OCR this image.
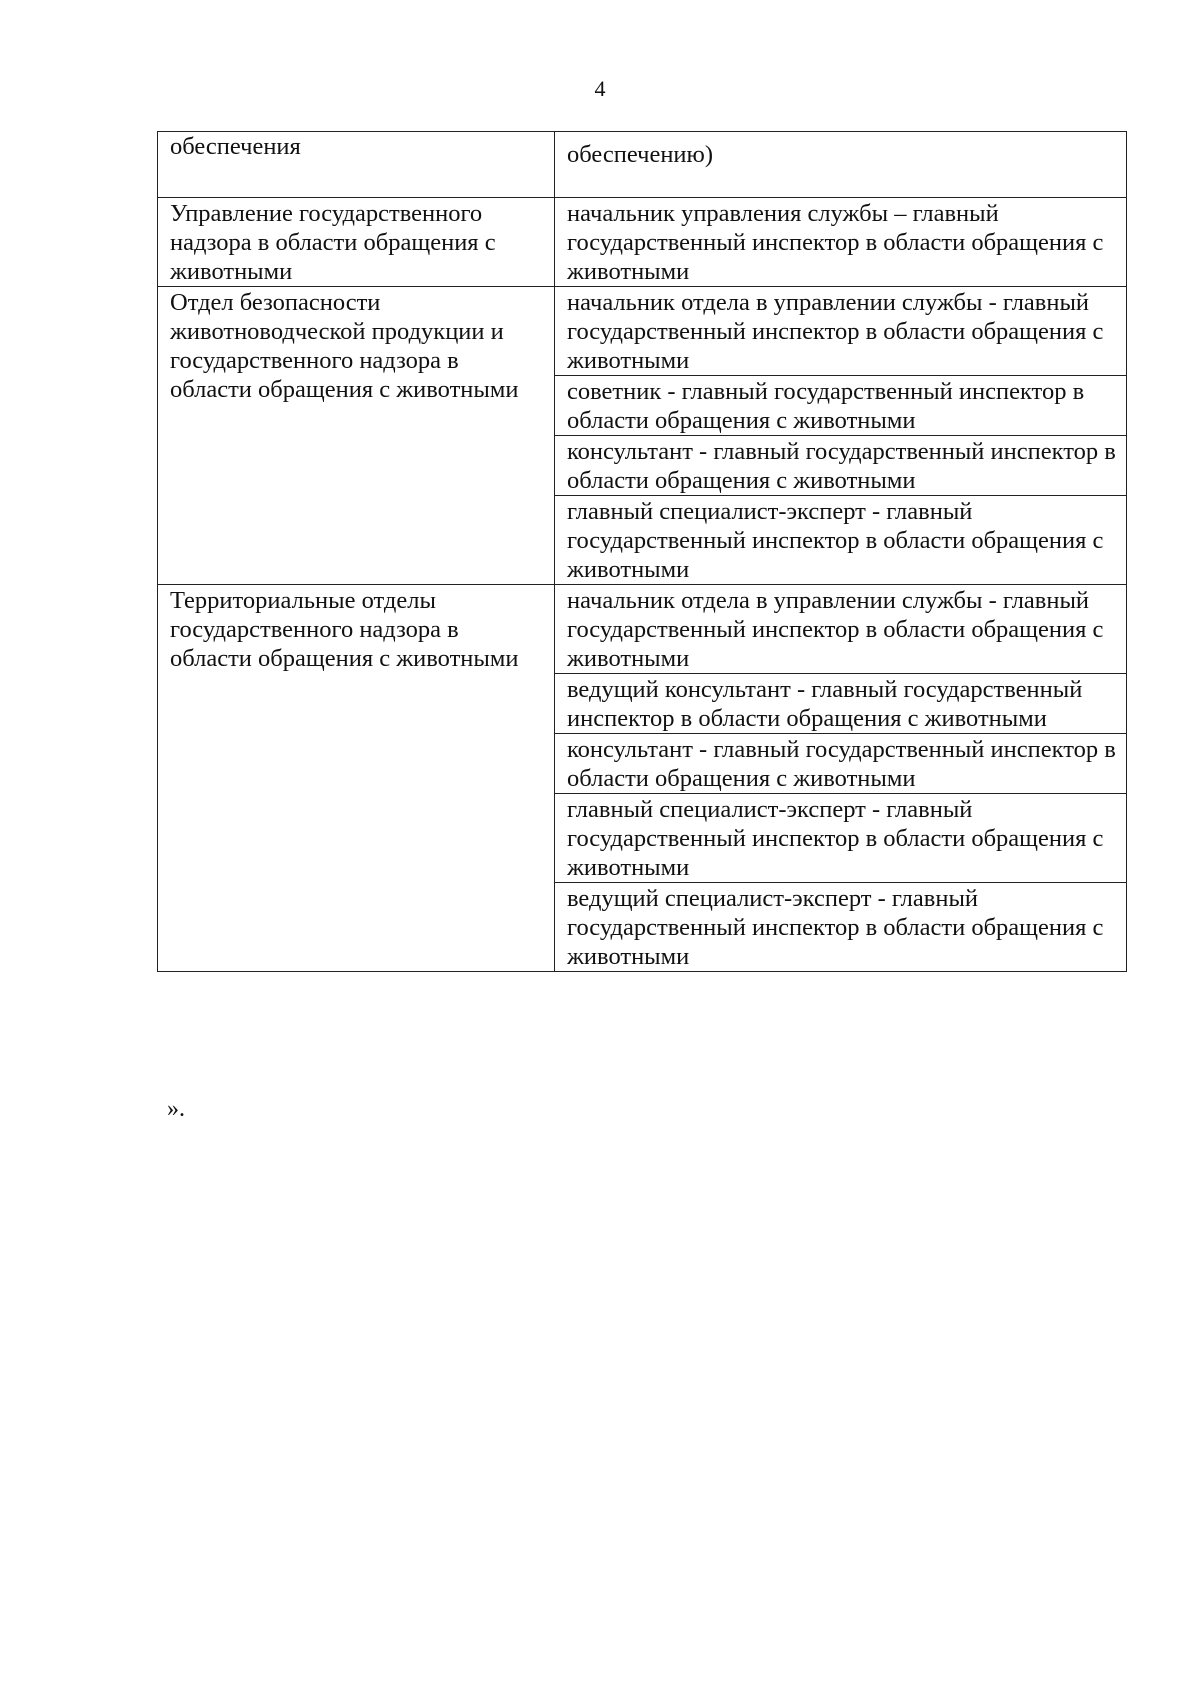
4
обеспечения	обеспечению)
Управление государственного надзора в области обращения с животными	начальник управления службы – главный государственный инспектор в области обращения с животными
Отдел безопасности животноводческой продукции и государственного надзора в области обращения с животными	начальник отдела в управлении службы - главный государственный инспектор в области обращения с животными
	советник - главный государственный инспектор в области обращения с животными
	консультант - главный государственный инспектор в области обращения с животными
	главный специалист-эксперт - главный государственный инспектор в области обращения с животными
Территориальные отделы государственного надзора в области обращения с животными	начальник отдела в управлении службы - главный государственный инспектор в области обращения с животными
	ведущий консультант - главный государственный инспектор в области обращения с животными
	консультант - главный государственный инспектор в области обращения с животными
	главный специалист-эксперт - главный государственный инспектор в области обращения с животными
	ведущий специалист-эксперт - главный государственный инспектор в области обращения с животными
».
